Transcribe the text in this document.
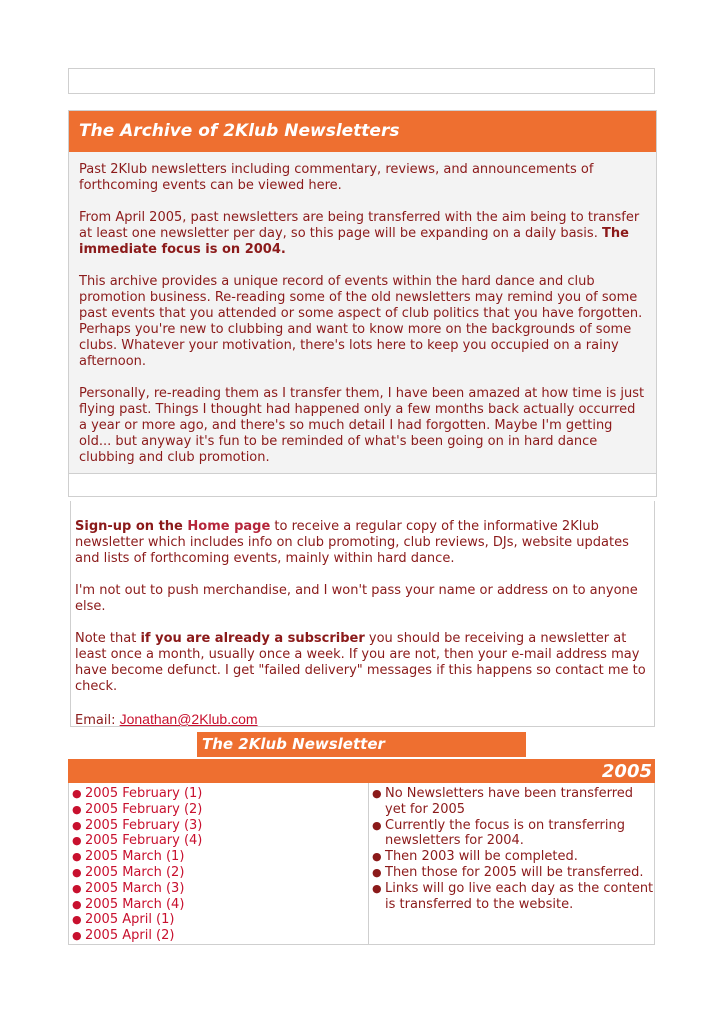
The Archive of 2Klub Newsletters

Past 2Klub newsletters including commentary, reviews, and announcements of forthcoming events can be viewed here.

From April 2005, past newsletters are being transferred with the aim being to transfer at least one newsletter per day, so this page will be expanding on a daily basis. The immediate focus is on 2004.

This archive provides a unique record of events within the hard dance and club promotion business. Re-reading some of the old newsletters may remind you of some past events that you attended or some aspect of club politics that you have forgotten. Perhaps you're new to clubbing and want to know more on the backgrounds of some clubs. Whatever your motivation, there's lots here to keep you occupied on a rainy afternoon.

Personally, re-reading them as I transfer them, I have been amazed at how time is just flying past. Things I thought had happened only a few months back actually occurred a year or more ago, and there's so much detail I had forgotten. Maybe I'm getting old... but anyway it's fun to be reminded of what's been going on in hard dance clubbing and club promotion.

Sign-up on the Home page to receive a regular copy of the informative 2Klub newsletter which includes info on club promoting, club reviews, DJs, website updates and lists of forthcoming events, mainly within hard dance.

I'm not out to push merchandise, and I won't pass your name or address on to anyone else.

Note that if you are already a subscriber you should be receiving a newsletter at least once a month, usually once a week. If you are not, then your e-mail address may have become defunct. I get "failed delivery" messages if this happens so contact me to check.

Email: Jonathan@2Klub.com

The 2Klub Newsletter
2005
● 2005 February (1)
● 2005 February (2)
● 2005 February (3)
● 2005 February (4)
● 2005 March (1)
● 2005 March (2)
● 2005 March (3)
● 2005 March (4)
● 2005 April (1)
● 2005 April (2)
● No Newsletters have been transferred yet for 2005
● Currently the focus is on transferring newsletters for 2004.
● Then 2003 will be completed.
● Then those for 2005 will be transferred.
● Links will go live each day as the content is transferred to the website.
